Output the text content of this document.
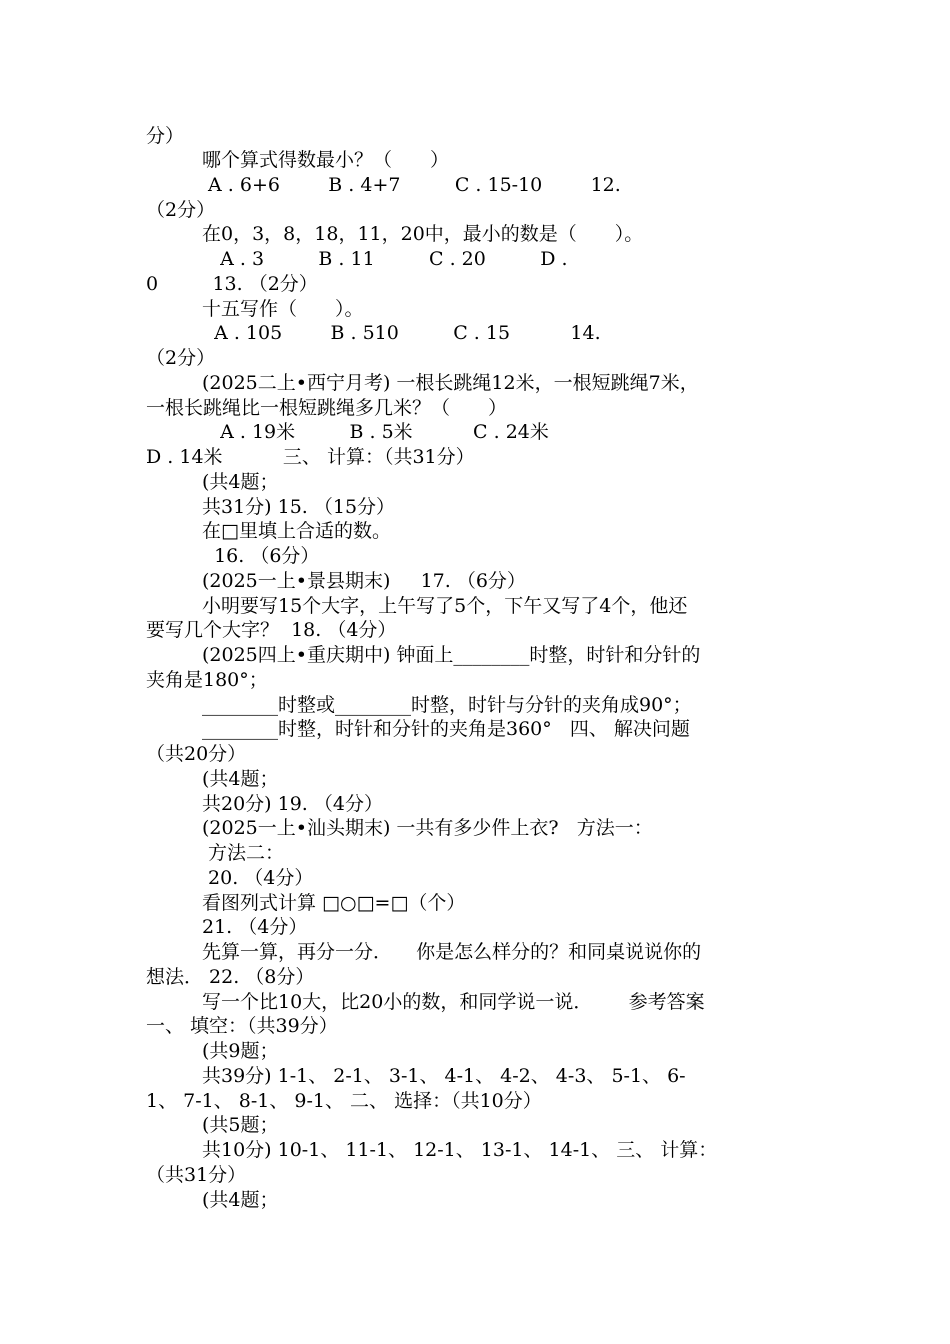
分）
哪个算式得数最小？（　　）
A . 6+6        B . 4+7         C . 15-10        12.
（2分）
在0，3，8，18，11，20中，最小的数是（　　）。
A . 3         B . 11         C . 20         D .
0         13. （2分）
十五写作（　　）。
A . 105        B . 510         C . 15          14.
（2分）
(2025二上•西宁月考) 一根长跳绳12米，一根短跳绳7米，
一根长跳绳比一根短跳绳多几米？（　　）
A . 19米         B . 5米          C . 24米
D . 14米          三、 计算：（共31分）
(共4题；
共31分) 15. （15分）
在□里填上合适的数。
16. （6分）
(2025一上•景县期末)     17. （6分）
小明要写15个大字，上午写了5个，下午又写了4个，他还
要写几个大字？  18. （4分）
(2025四上•重庆期中) 钟面上________时整，时针和分针的
夹角是180°；
________时整或________时整，时针与分针的夹角成90°；
________时整，时针和分针的夹角是360°   四、 解决问题
（共20分）
(共4题；
共20分) 19. （4分）
(2025一上•汕头期末) 一共有多少件上衣?   方法一：
方法二：
20. （4分）
看图列式计算 □○□=□（个）
21. （4分）
先算一算，再分一分．    你是怎么样分的？和同桌说说你的
想法． 22. （8分）
写一个比10大，比20小的数，和同学说一说．      参考答案
一、 填空：（共39分）
(共9题；
共39分) 1-1、 2-1、 3-1、 4-1、 4-2、 4-3、 5-1、 6-
1、 7-1、 8-1、 9-1、 二、 选择：（共10分）
(共5题；
共10分) 10-1、 11-1、 12-1、 13-1、 14-1、 三、 计算：
（共31分）
(共4题；
